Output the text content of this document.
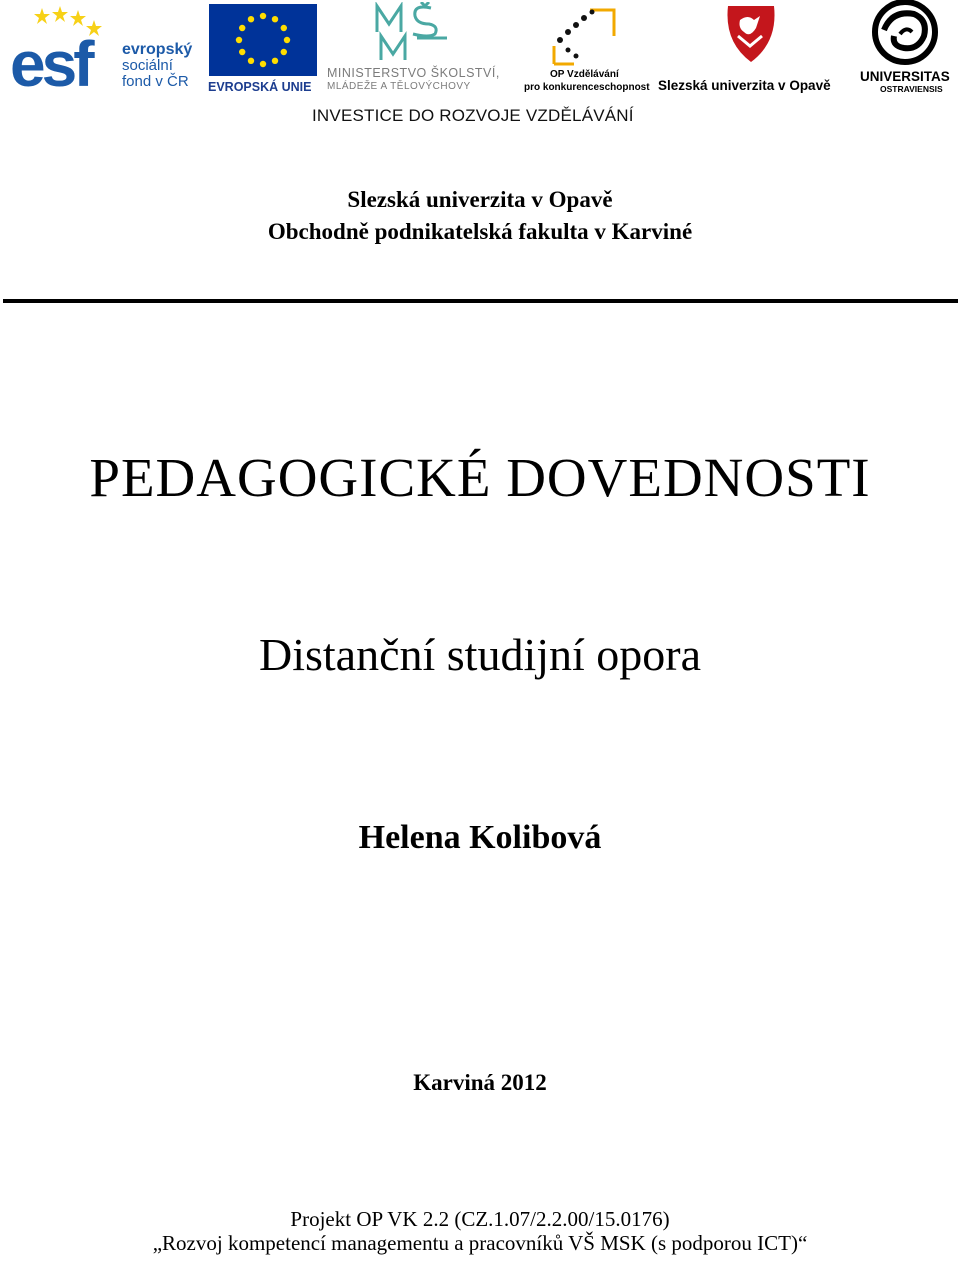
esf evropský
sociální
fond v ČR EVROPSKÁ UNIE
MINISTERSTVO ŠKOLSTVÍ,
MLÁDEŽE A TĚLOVÝCHOVY
OP Vzdělávání
pro konkurenceschopnost Slezská univerzita v Opavě
UNIVERSITAS
OSTRAVIENSIS
INVESTICE DO ROZVOJE VZDĚLÁVÁNÍ
Slezská univerzita v Opavě
Obchodně podnikatelská fakulta v Karviné
PEDAGOGICKÉ DOVEDNOSTI
Distanční studijní opora
Helena Kolibová
Karviná 2012
Projekt OP VK 2.2 (CZ.1.07/2.2.00/15.0176)
„Rozvoj kompetencí managementu a pracovníků VŠ MSK (s podporou ICT)“
